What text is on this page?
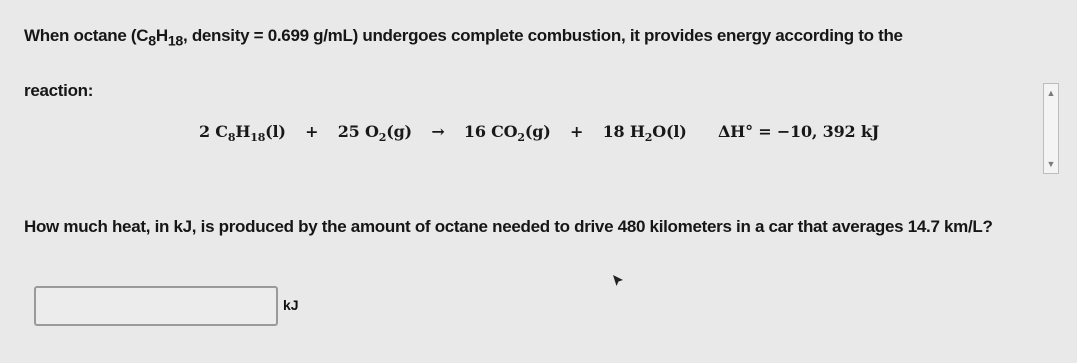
When octane ($C_8H_{18}$, density = 0.699 g/mL) undergoes complete combustion, it provides energy according to the
reaction:
2 $C_8H_{18}(l) + 25$ $O_2(g) \to 16$ $CO_2(g) + 18$ $H_2O(l) \Delta H^\circ = -10$, 392 kJ
▲
▼
How much heat, in kJ, is produced by the amount of octane needed to drive 480 kilometers in a car that averages 14.7 km/L?
kJ
